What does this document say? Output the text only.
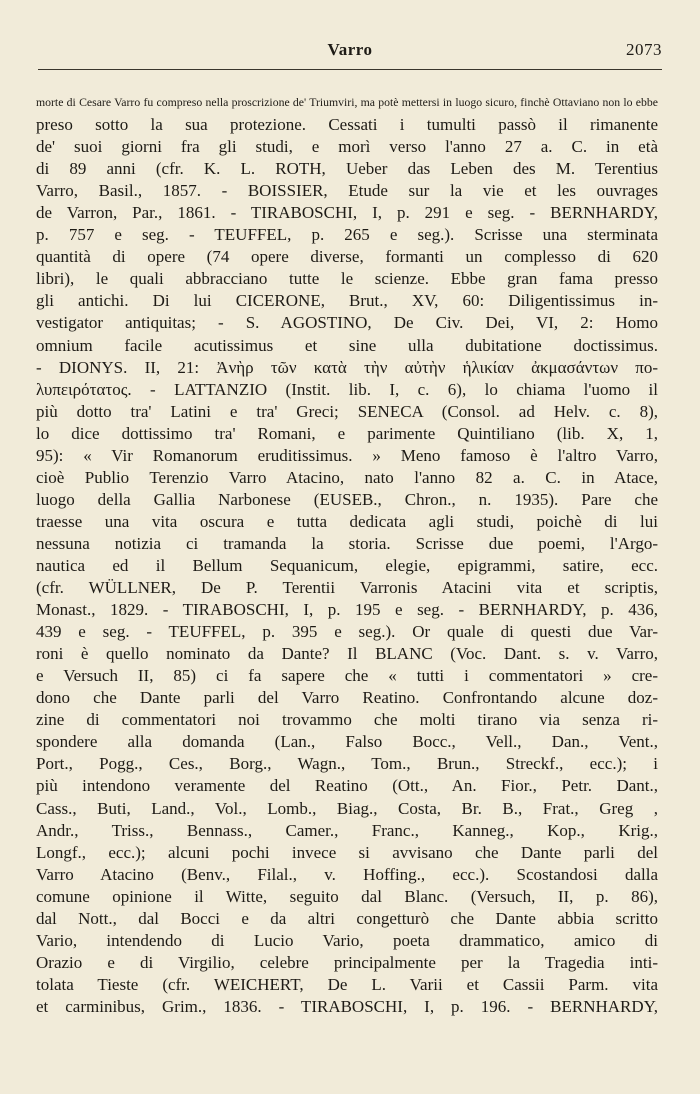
Varro	2073
morte di Cesare Varro fu compreso nella proscrizione de' Triumviri, ma potè mettersi in luogo sicuro, finchè Ottaviano non lo ebbe
preso sotto la sua protezione. Cessati i tumulti passò il rimanente
de' suoi giorni fra gli studi, e morì verso l'anno 27 a. C. in età
di 89 anni (cfr. K. L. ROTH, Ueber das Leben des M. Terentius
Varro, Basil., 1857. - BOISSIER, Etude sur la vie et les ouvrages
de Varron, Par., 1861. - TIRABOSCHI, I, p. 291 e seg. - BERNHARDY,
p. 757 e seg. - TEUFFEL, p. 265 e seg.). Scrisse una sterminata
quantità di opere (74 opere diverse, formanti un complesso di 620
libri), le quali abbracciano tutte le scienze. Ebbe gran fama presso
gli antichi. Di lui CICERONE, Brut., XV, 60: Diligentissimus in-
vestigator antiquitas; - S. AGOSTINO, De Civ. Dei, VI, 2: Homo
omnium facile acutissimus et sine ulla dubitatione doctissimus.
- DIONYS. II, 21: Ἀνὴρ τῶν κατὰ τὴν αὐτὴν ἡλικίαν ἀκμασάντων πο-
λυπειρότατος. - LATTANZIO (Instit. lib. I, c. 6), lo chiama l'uomo il
più dotto tra' Latini e tra' Greci; SENECA (Consol. ad Helv. c. 8),
lo dice dottissimo tra' Romani, e parimente Quintiliano (lib. X, 1,
95): « Vir Romanorum eruditissimus. » Meno famoso è l'altro Varro,
cioè Publio Terenzio Varro Atacino, nato l'anno 82 a. C. in Atace,
luogo della Gallia Narbonese (EUSEB., Chron., n. 1935). Pare che
traesse una vita oscura e tutta dedicata agli studi, poichè di lui
nessuna notizia ci tramanda la storia. Scrisse due poemi, l'Argo-
nautica ed il Bellum Sequanicum, elegie, epigrammi, satire, ecc.
(cfr. WÜLLNER, De P. Terentii Varronis Atacini vita et scriptis,
Monast., 1829. - TIRABOSCHI, I, p. 195 e seg. - BERNHARDY, p. 436,
439 e seg. - TEUFFEL, p. 395 e seg.). Or quale di questi due Var-
roni è quello nominato da Dante? Il BLANC (Voc. Dant. s. v. Varro,
e Versuch II, 85) ci fa sapere che « tutti i commentatori » cre-
dono che Dante parli del Varro Reatino. Confrontando alcune doz-
zine di commentatori noi trovammo che molti tirano via senza ri-
spondere alla domanda (Lan., Falso Bocc., Vell., Dan., Vent.,
Port., Pogg., Ces., Borg., Wagn., Tom., Brun., Streckf., ecc.); i
più intendono veramente del Reatino (Ott., An. Fior., Petr. Dant.,
Cass., Buti, Land., Vol., Lomb., Biag., Costa, Br. B., Frat., Greg ,
Andr., Triss., Bennass., Camer., Franc., Kanneg., Kop., Krig.,
Longf., ecc.); alcuni pochi invece si avvisano che Dante parli del
Varro Atacino (Benv., Filal., v. Hoffing., ecc.). Scostandosi dalla
comune opinione il Witte, seguito dal Blanc. (Versuch, II, p. 86),
dal Nott., dal Bocci e da altri congetturò che Dante abbia scritto
Vario, intendendo di Lucio Vario, poeta drammatico, amico di
Orazio e di Virgilio, celebre principalmente per la Tragedia inti-
tolata Tieste (cfr. WEICHERT, De L. Varii et Cassii Parm. vita
et carminibus, Grim., 1836. - TIRABOSCHI, I, p. 196. - BERNHARDY,
